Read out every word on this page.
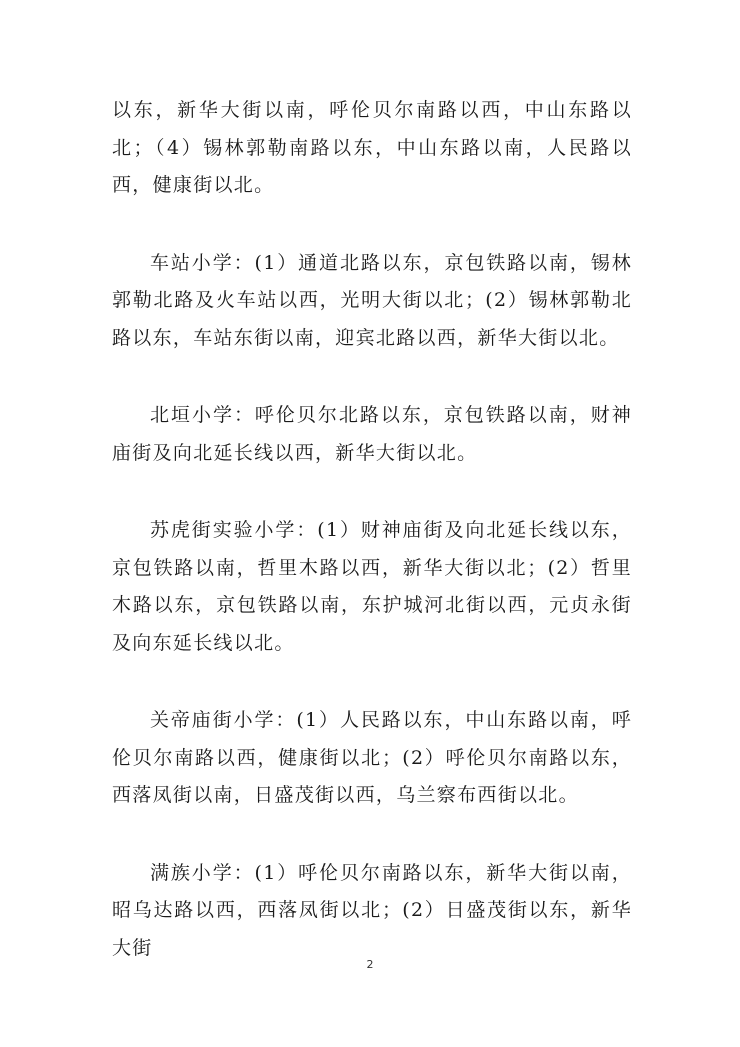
以东，新华大街以南，呼伦贝尔南路以西，中山东路以北；（4）锡林郭勒南路以东，中山东路以南，人民路以西，健康街以北。

车站小学：(1）通道北路以东，京包铁路以南，锡林郭勒北路及火车站以西，光明大街以北；(2）锡林郭勒北路以东，车站东街以南，迎宾北路以西，新华大街以北。

北垣小学：呼伦贝尔北路以东，京包铁路以南，财神庙街及向北延长线以西，新华大街以北。

苏虎街实验小学：(1）财神庙街及向北延长线以东，京包铁路以南，哲里木路以西，新华大街以北；(2）哲里木路以东，京包铁路以南，东护城河北街以西，元贞永街及向东延长线以北。

关帝庙街小学：(1）人民路以东，中山东路以南，呼伦贝尔南路以西，健康街以北；(2）呼伦贝尔南路以东，西落凤街以南，日盛茂街以西，乌兰察布西街以北。

满族小学：(1）呼伦贝尔南路以东，新华大街以南，昭乌达路以西，西落凤街以北；(2）日盛茂街以东，新华大街

2
